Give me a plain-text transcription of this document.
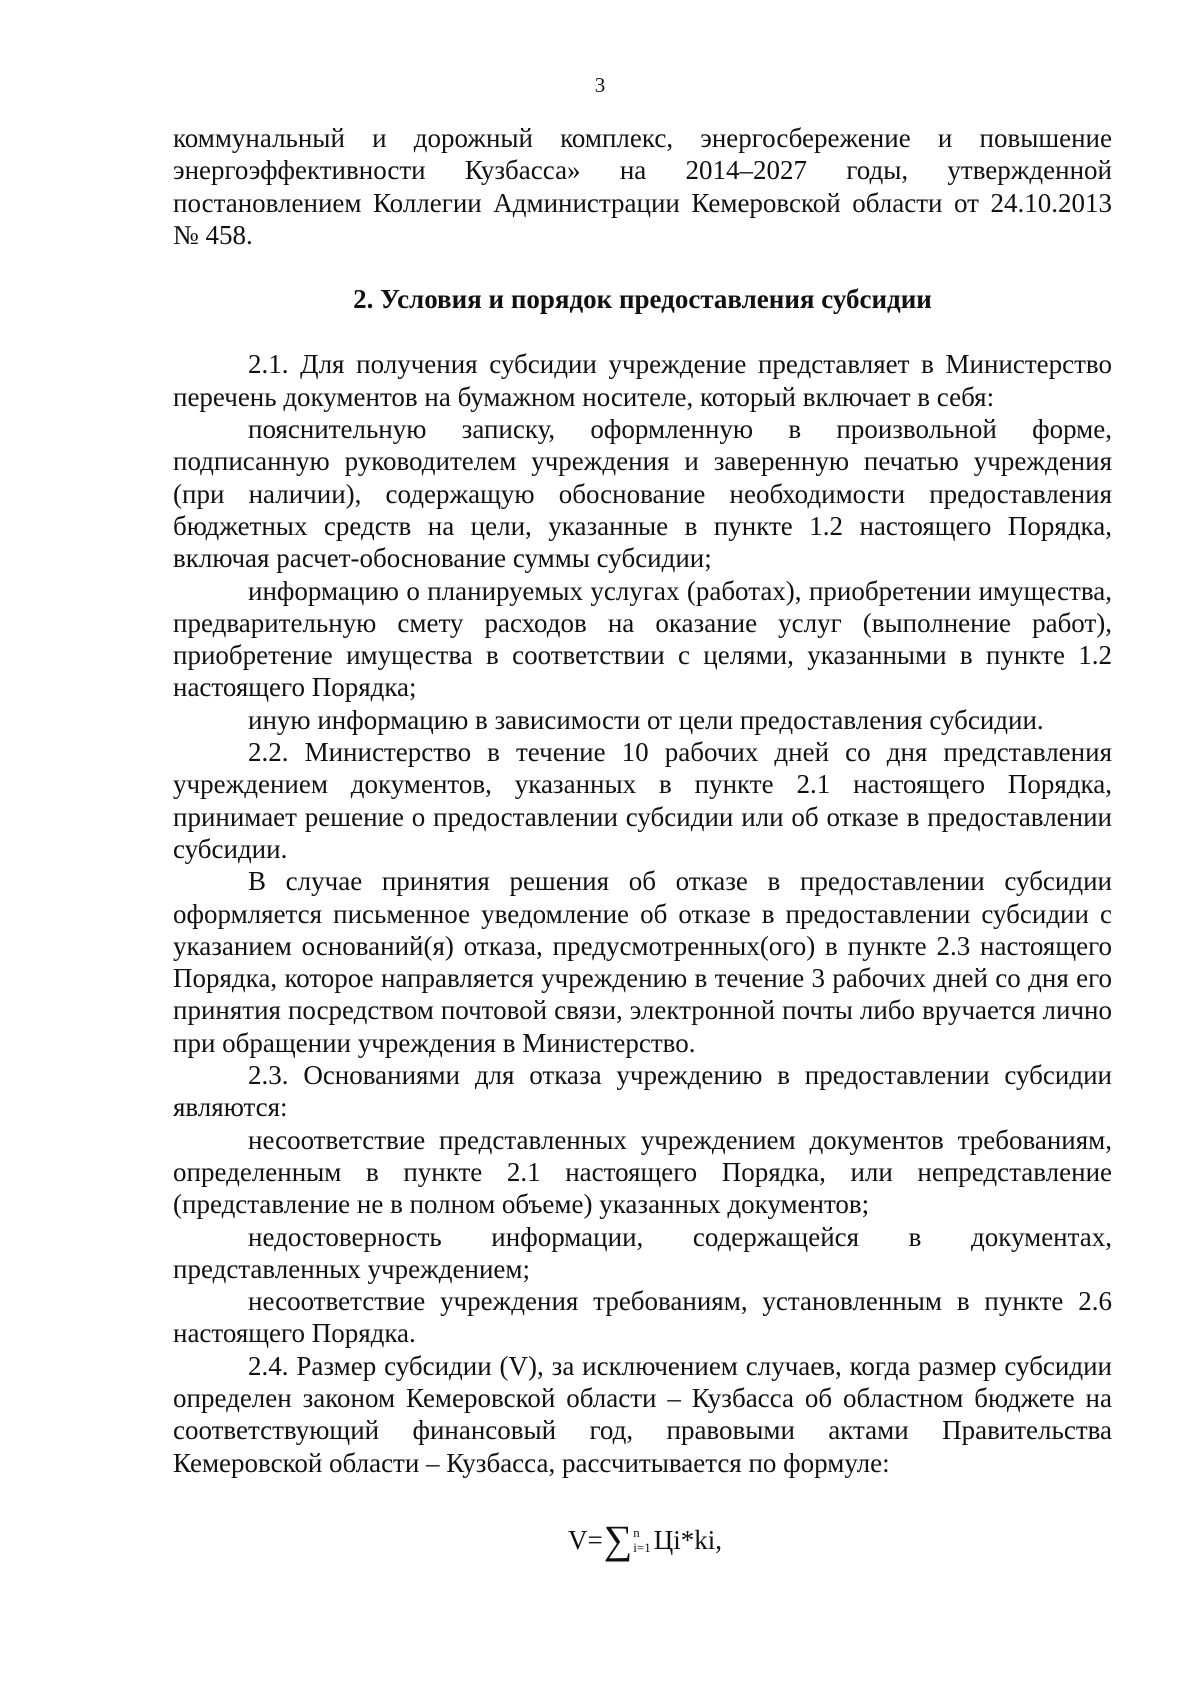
3

коммунальный и дорожный комплекс, энергосбережение и повышение энергоэффективности Кузбасса» на 2014–2027 годы, утвержденной постановлением Коллегии Администрации Кемеровской области от 24.10.2013 № 458.

2. Условия и порядок предоставления субсидии

2.1. Для получения субсидии учреждение представляет в Министерство перечень документов на бумажном носителе, который включает в себя:

пояснительную записку, оформленную в произвольной форме, подписанную руководителем учреждения и заверенную печатью учреждения (при наличии), содержащую обоснование необходимости предоставления бюджетных средств на цели, указанные в пункте 1.2 настоящего Порядка, включая расчет-обоснование суммы субсидии;

информацию о планируемых услугах (работах), приобретении имущества, предварительную смету расходов на оказание услуг (выполнение работ), приобретение имущества в соответствии с целями, указанными в пункте 1.2 настоящего Порядка;

иную информацию в зависимости от цели предоставления субсидии.

2.2. Министерство в течение 10 рабочих дней со дня представления учреждением документов, указанных в пункте 2.1 настоящего Порядка, принимает решение о предоставлении субсидии или об отказе в предоставлении субсидии.

В случае принятия решения об отказе в предоставлении субсидии оформляется письменное уведомление об отказе в предоставлении субсидии с указанием оснований(я) отказа, предусмотренных(ого) в пункте 2.3 настоящего Порядка, которое направляется учреждению в течение 3 рабочих дней со дня его принятия посредством почтовой связи, электронной почты либо вручается лично при обращении учреждения в Министерство.

2.3. Основаниями для отказа учреждению в предоставлении субсидии являются:

несоответствие представленных учреждением документов требованиям, определенным в пункте 2.1 настоящего Порядка, или непредставление (представление не в полном объеме) указанных документов;

недостоверность информации, содержащейся в документах, представленных учреждением;

несоответствие учреждения требованиям, установленным в пункте 2.6 настоящего Порядка.

2.4. Размер субсидии (V), за исключением случаев, когда размер субсидии определен законом Кемеровской области – Кузбасса об областном бюджете на соответствующий финансовый год, правовыми актами Правительства Кемеровской области – Кузбасса, рассчитывается по формуле:

V= ∑ n
i=1 Цi*ki ,
